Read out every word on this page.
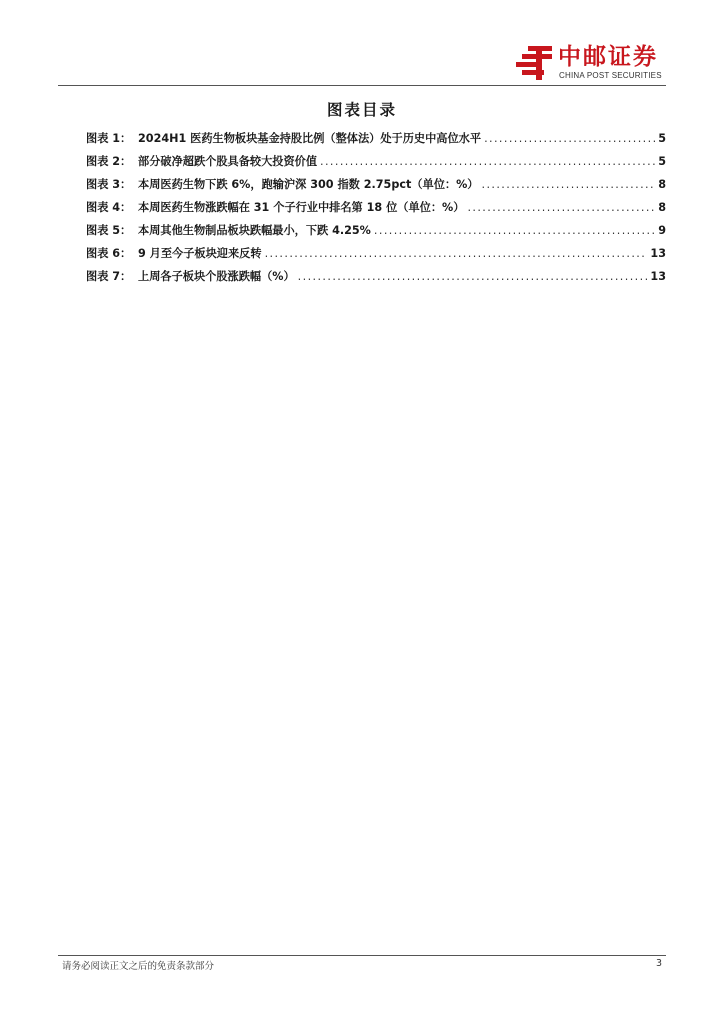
中邮证券
CHINA POST SECURITIES
图表目录
图表 1： 2024H1 医药生物板块基金持股比例（整体法）处于历史中高位水平 .....	5
图表 2： 部分破净超跌个股具备较大投资价值 .....	5
图表 3： 本周医药生物下跌 6%，跑输沪深 300 指数 2.75pct（单位：%） .....	8
图表 4： 本周医药生物涨跌幅在 31 个子行业中排名第 18 位（单位：%） .....	8
图表 5： 本周其他生物制品板块跌幅最小，下跌 4.25% .....	9
图表 6： 9 月至今子板块迎来反转 .....	13
图表 7： 上周各子板块个股涨跌幅（%） .....	13
请务必阅读正文之后的免责条款部分	3
